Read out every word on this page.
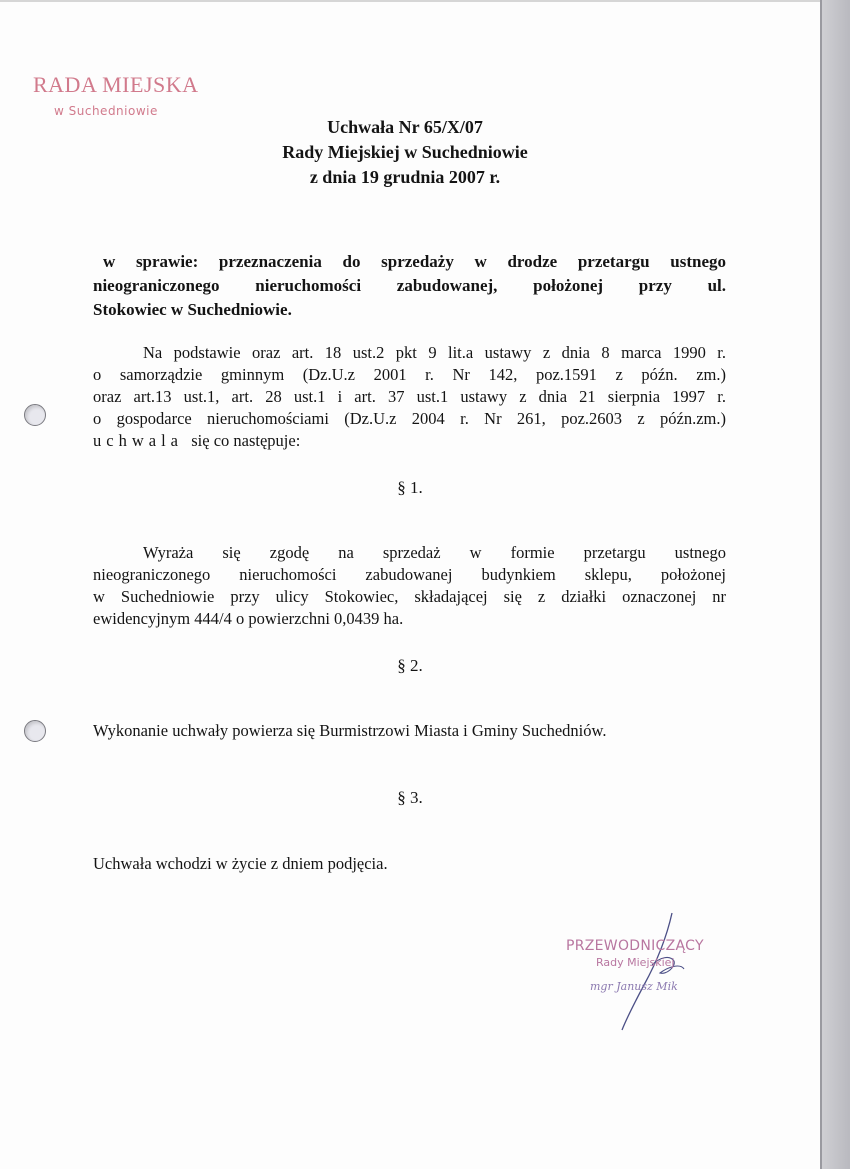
RADA MIEJSKA
w Suchedniowie
Uchwała Nr 65/X/07
Rady Miejskiej w Suchedniowie
z dnia 19 grudnia 2007 r.
w sprawie: przeznaczenia do sprzedaży w drodze przetargu ustnego
nieograniczonego nieruchomości zabudowanej, położonej przy ul.
Stokowiec w Suchedniowie.
Na podstawie oraz art. 18 ust.2 pkt 9 lit.a ustawy z dnia 8 marca 1990 r.
o samorządzie gminnym (Dz.U.z 2001 r. Nr 142, poz.1591 z późn. zm.)
oraz art.13 ust.1, art. 28 ust.1 i art. 37 ust.1 ustawy z dnia 21 sierpnia 1997 r.
o gospodarce nieruchomościami (Dz.U.z 2004 r. Nr 261, poz.2603 z późn.zm.)
uchwala się co następuje:
§ 1.
Wyraża się zgodę na sprzedaż w formie przetargu ustnego
nieograniczonego nieruchomości zabudowanej budynkiem sklepu, położonej
w Suchedniowie przy ulicy Stokowiec, składającej się z działki oznaczonej nr
ewidencyjnym 444/4 o powierzchni 0,0439 ha.
§ 2.
Wykonanie uchwały powierza się Burmistrzowi Miasta i Gminy Suchedniów.
§ 3.
Uchwała wchodzi w życie z dniem podjęcia.
PRZEWODNICZĄCY
Rady Miejskiej
mgr Janusz Mik
